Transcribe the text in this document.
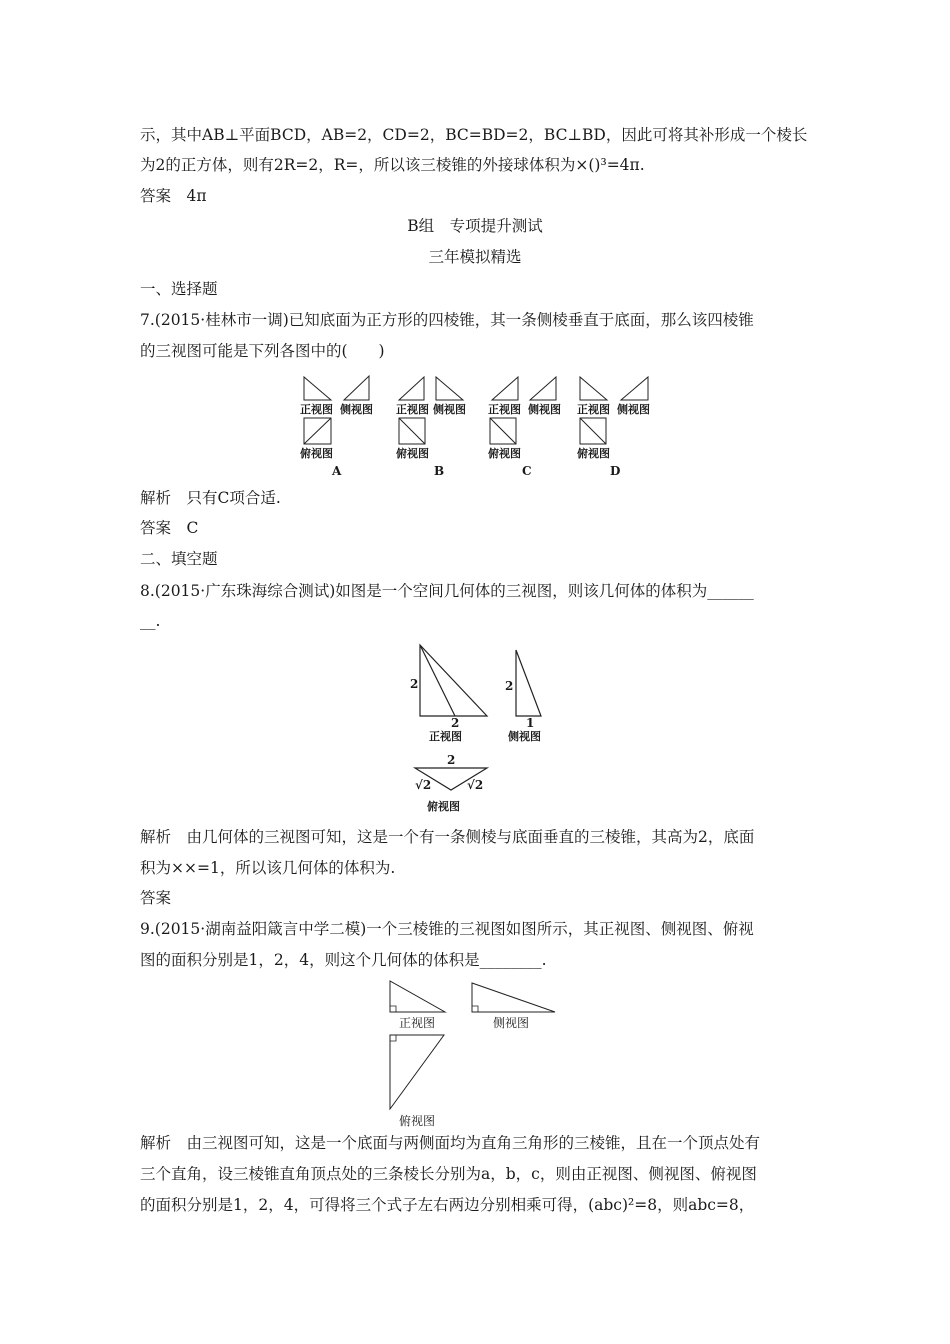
示，其中AB⊥平面BCD，AB=2，CD=2，BC=BD=2，BC⊥BD，因此可将其补形成一个棱长
为2的正方体，则有2R=2，R=，所以该三棱锥的外接球体积为×()³=4π.
答案　4π
B组　专项提升测试
三年模拟精选
一、选择题
7.(2015·桂林市一调)已知底面为正方形的四棱锥，其一条侧棱垂直于底面，那么该四棱锥
的三视图可能是下列各图中的(　　)
正视图 侧视图
俯视图
A
正视图 侧视图
俯视图
B
正视图 侧视图
俯视图
C
正视图 侧视图
俯视图
D
解析　只有C项合适.
答案　C
二、填空题
8.(2015·广东珠海综合测试)如图是一个空间几何体的三视图，则该几何体的体积为______
__.
2
2
正视图
2
1
侧视图
2
√2	√2
俯视图
解析　由几何体的三视图可知，这是一个有一条侧棱与底面垂直的三棱锥，其高为2，底面
积为××=1，所以该几何体的体积为.
答案
9.(2015·湖南益阳箴言中学二模)一个三棱锥的三视图如图所示，其正视图、侧视图、俯视
图的面积分别是1，2，4，则这个几何体的体积是________.
正视图	侧视图
俯视图
解析　由三视图可知，这是一个底面与两侧面均为直角三角形的三棱锥，且在一个顶点处有
三个直角，设三棱锥直角顶点处的三条棱长分别为a，b，c，则由正视图、侧视图、俯视图
的面积分别是1，2，4，可得将三个式子左右两边分别相乘可得，(abc)²=8，则abc=8，
